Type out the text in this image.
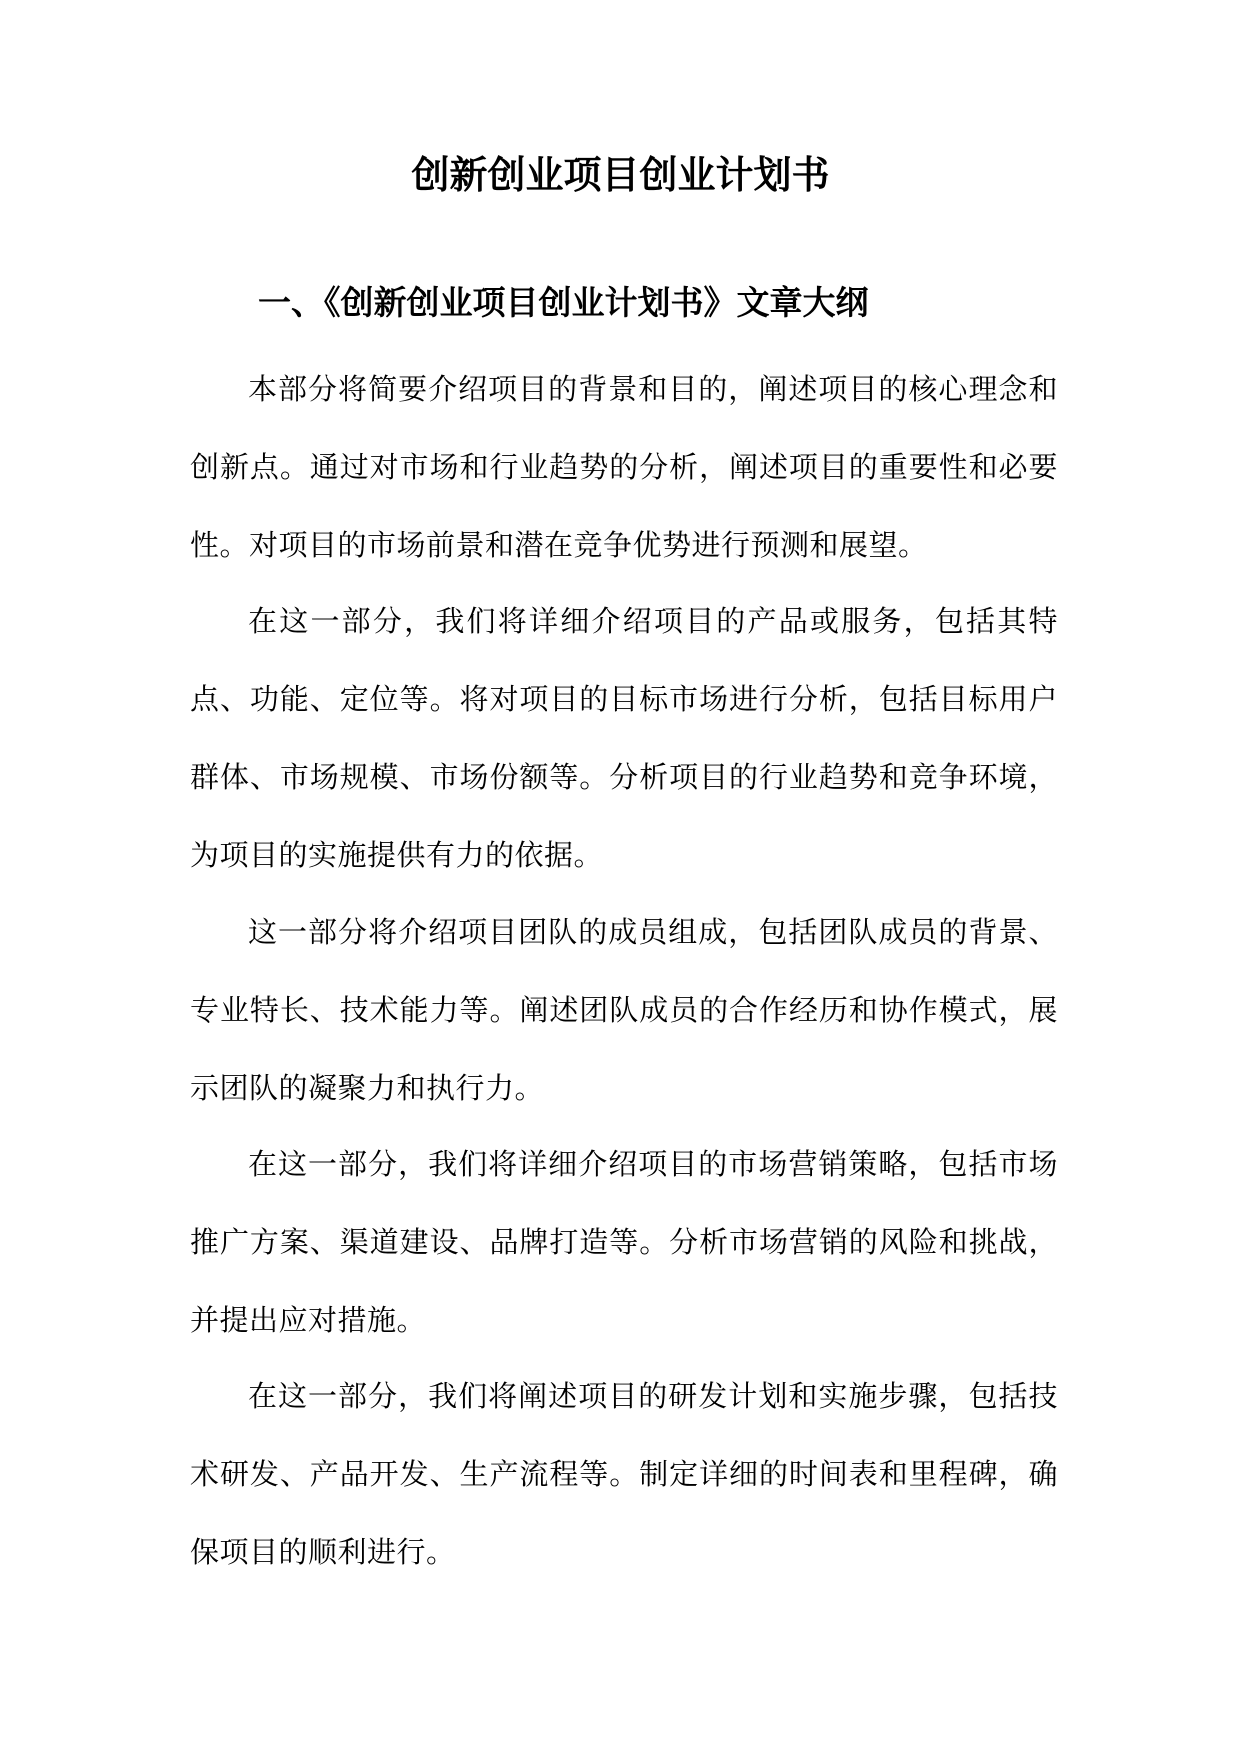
创新创业项目创业计划书
一、《创新创业项目创业计划书》文章大纲

本部分将简要介绍项目的背景和目的，阐述项目的核心理念和创新点。通过对市场和行业趋势的分析，阐述项目的重要性和必要性。对项目的市场前景和潜在竞争优势进行预测和展望。

在这一部分，我们将详细介绍项目的产品或服务，包括其特点、功能、定位等。将对项目的目标市场进行分析，包括目标用户群体、市场规模、市场份额等。分析项目的行业趋势和竞争环境，为项目的实施提供有力的依据。

这一部分将介绍项目团队的成员组成，包括团队成员的背景、专业特长、技术能力等。阐述团队成员的合作经历和协作模式，展示团队的凝聚力和执行力。

在这一部分，我们将详细介绍项目的市场营销策略，包括市场推广方案、渠道建设、品牌打造等。分析市场营销的风险和挑战，并提出应对措施。

在这一部分，我们将阐述项目的研发计划和实施步骤，包括技术研发、产品开发、生产流程等。制定详细的时间表和里程碑，确保项目的顺利进行。
